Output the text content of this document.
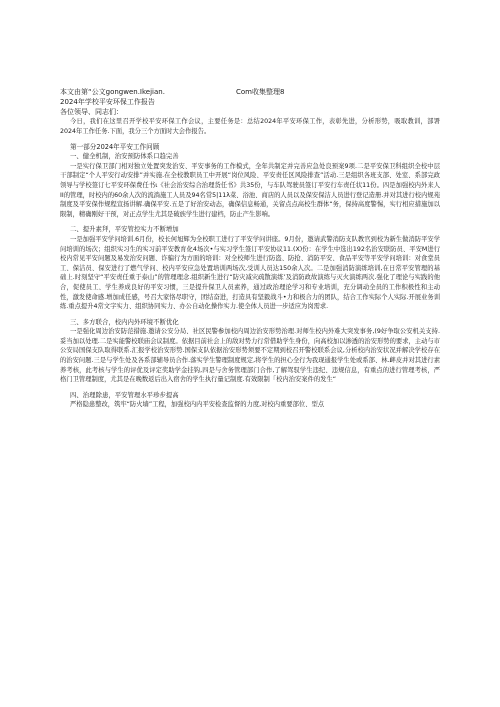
本文由第“公文gongwen.Ikejian.	Com收集整理8
2024年学校平安环保工作报告
各位领导、同志们：

今日，我们在这里召开学校平安环保工作会议，主要任务是：总结2024年平安环保工作，表彰先进，分析形势，吸取教训，部署2024年工作任务.下面，我分三个方面时大会作报告。

第一部分2024年平安工作问顾

一、健全机制，治安预防体系口趋完善

一是实行保卫部门相对独立处置突发治安、平安事务的工作模式，全年共制定并完善应急处良预案9项.二是平安保卫科组织全校中层干部制定“个人平安行动安排”并实施.在全校教职员工中开展“岗位风险、平安责任区风险排查”活动.三是组织各班支部、处室、系部完政领导与学校签订七平安环保费任书ι《社会治安综合治理货任书》共35份，与车队驾驶员签订平安行车责任状11份。四是加强校内外来人II的管理，时校内的60余人次的流淌施工人员及94名常5|11λ菜、浴池、商店的人员以及保安保洁人员进行登记造册.并对其进行校内规苑制度及平安保作规程宣扬讲解.确保平安.五是了好治安动态，确保信息畅通，关留点点高校生群体“务，保持高度警惕，实行相应措施加以限制，精确刚好干预，对正点学生尤其是破族学生进行建档，防止产生影响。

二、提升素拜，平安管控实力不断增加

一是加强平安学问培训.6月份，校长何旭辉为全校职工进行了平安学问讲座。9月份，邀请武警消防支队教官到校为新生做消防平安学问培训的场次；组织实习生的实习前平安教育化4场次•与实习学生签订平安协议11.(X)份：在学生中选出192名治安联防员、平安M进行校内常见平安问题及易发治安问题、诈骗行为方面的培训：对全校师生进行防盗、防抢、消防平安、食品平安等平安学问培训：对食堂员工、保洁员、保安进行了燃气学问、校内平安应急处置培训两场次,受训人员达150余人次。二是加强消防演练培训,在日常平安管理的基础上.时刻坚守“平安责任重于泰山”的管理理念.组织新生进行“防灾减灾疏散演练’及消防政故演练与灭火演练两次.强化了理论与实践的他合，促使员工、学生养成良好的平安习惯，三是提升保卫人员素养，通过政治理论学习和专业培训，充分调动全员的工作积极性和主动性，激发使命感.增加成任感，号召大家恪尽职守，团结奋进，打造具有坚毅战斗•力和极合力的团队，结合工作实际个人实际.开展业务训练.重点提升4常文字实力、组织协同实力、办公自动化操作实力.使全体人员进一步适应为岗需求.

三、多方联合，校内内外环境不断优化

一是强化周边治安防范措施.邀请公安分局、社区民警参加校内周边治安形势治理.对师生校内外难大突发事务,(9好争取公安机关支持.妥当加以处理.二是实能警校联庙会议制度。依据目前社会上的敌对势力行常借助学生身份，向高校加以渗透的治安形势的要求，主动与市公安局国保支队取得联系.汇报学校治安形势.国保支队依据治安形势须要不定期到校召开警校联系会议,分析校内治安状况并解决学校存在的治安问题.三是与学生处及各系部辅导员合作.落实学生警理制度规定,将学生的担心全行为我现通报学生处或系部、林.衅皮并对其进行素养考核，此考核与学生的评优及评定奖助学金挂钩,四是与舍务管理部门合作,了解驾驭学生违纪、违规信息，有重点的进行管理考核，严格门卫管理制度，尤其是在晚数返后出入宿舍的学生执行量记制度.有效限制「校内治安案件的发生“

四、治理除患，平安管理水平珍步提高

严格隐患整改，筑牢“防火墙”工程，加强校内内平安检查监督的力度,对校内重要部位、型点
